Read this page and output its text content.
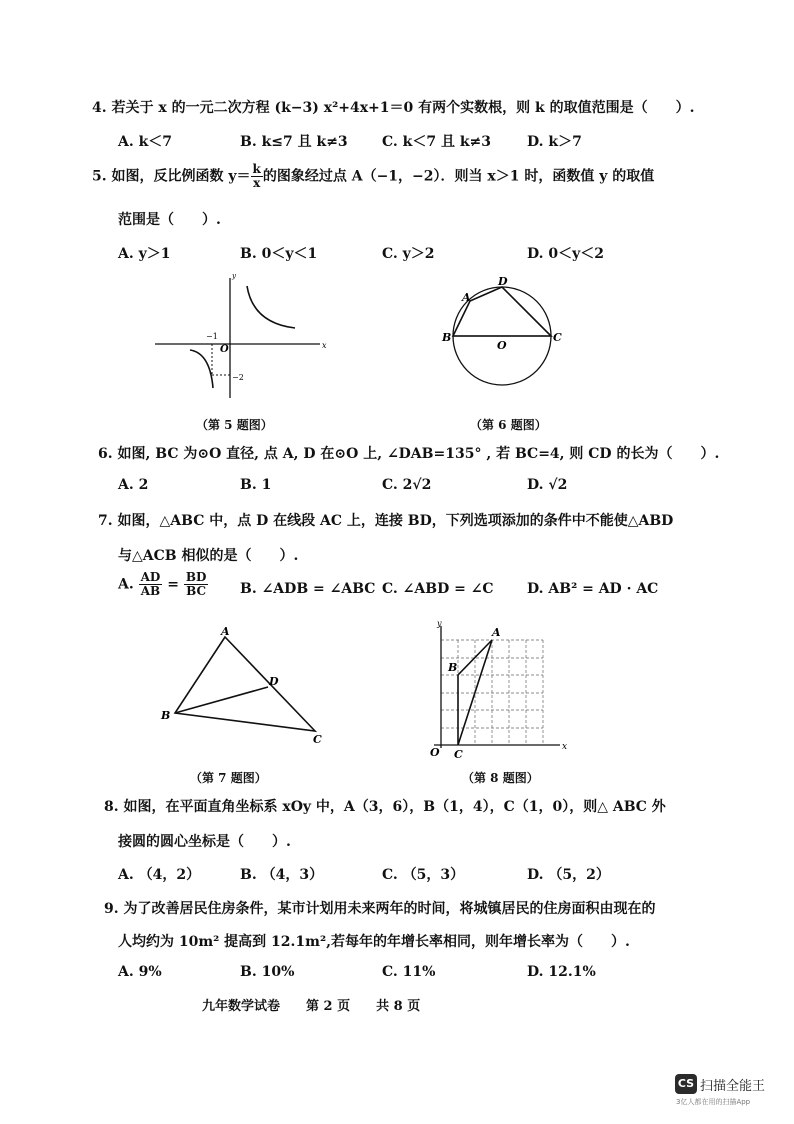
4. 若关于 x 的一元二次方程 (k−3) x²+4x+1＝0 有两个实数根，则 k 的取值范围是（　　）.
A. k＜7	B. k≤7 且 k≠3 C. k＜7 且 k≠3	D. k＞7
5. 如图，反比例函数 $y= \frac{k}{x}$ 的图象经过点 A（−1，−2）．则当 x＞1 时，函数值 y 的取值
范围是（　　）.
A. y＞1	B. 0＜y＜1	C. y＞2	D. 0＜y＜2
y
x
O
−1
−2
（第 5 题图）
A
D
B
O
C
（第 6 题图）
6. 如图, BC 为⊙O 直径, 点 A, D 在⊙O 上, ∠DAB=135° , 若 BC=4, 则 CD 的长为（　　）.
A. 2	B. 1	C. 2√2	D. √2
7. 如图，△ABC 中，点 D 在线段 AC 上，连接 BD，下列选项添加的条件中不能使△ABD
与△ACB 相似的是（　　）.
A. $\frac{AD}{AB} = \frac{BD}{BC} B$. ∠ADB = ∠ABC C. ∠ABD = ∠C D. AB² = AD · AC
A
B
C
D
（第 7 题图）
y
x
O
A
B
C
（第 8 题图）
8. 如图，在平面直角坐标系 xOy 中，A（3，6），B（1，4），C（1，0），则△ ABC 外
接圆的圆心坐标是（　　）.
A. （4，2）	B. （4，3）	C. （5，3）	D. （5，2）
9. 为了改善居民住房条件，某市计划用未来两年的时间，将城镇居民的住房面积由现在的
人均约为 10m² 提高到 12.1m²,若每年的年增长率相同，则年增长率为（　　）.
A. 9%	B. 10%	C. 11%	D. 12.1%
九年数学试卷　　第 2 页　　共 8 页
CS 扫描全能王
3亿人都在用的扫描App
